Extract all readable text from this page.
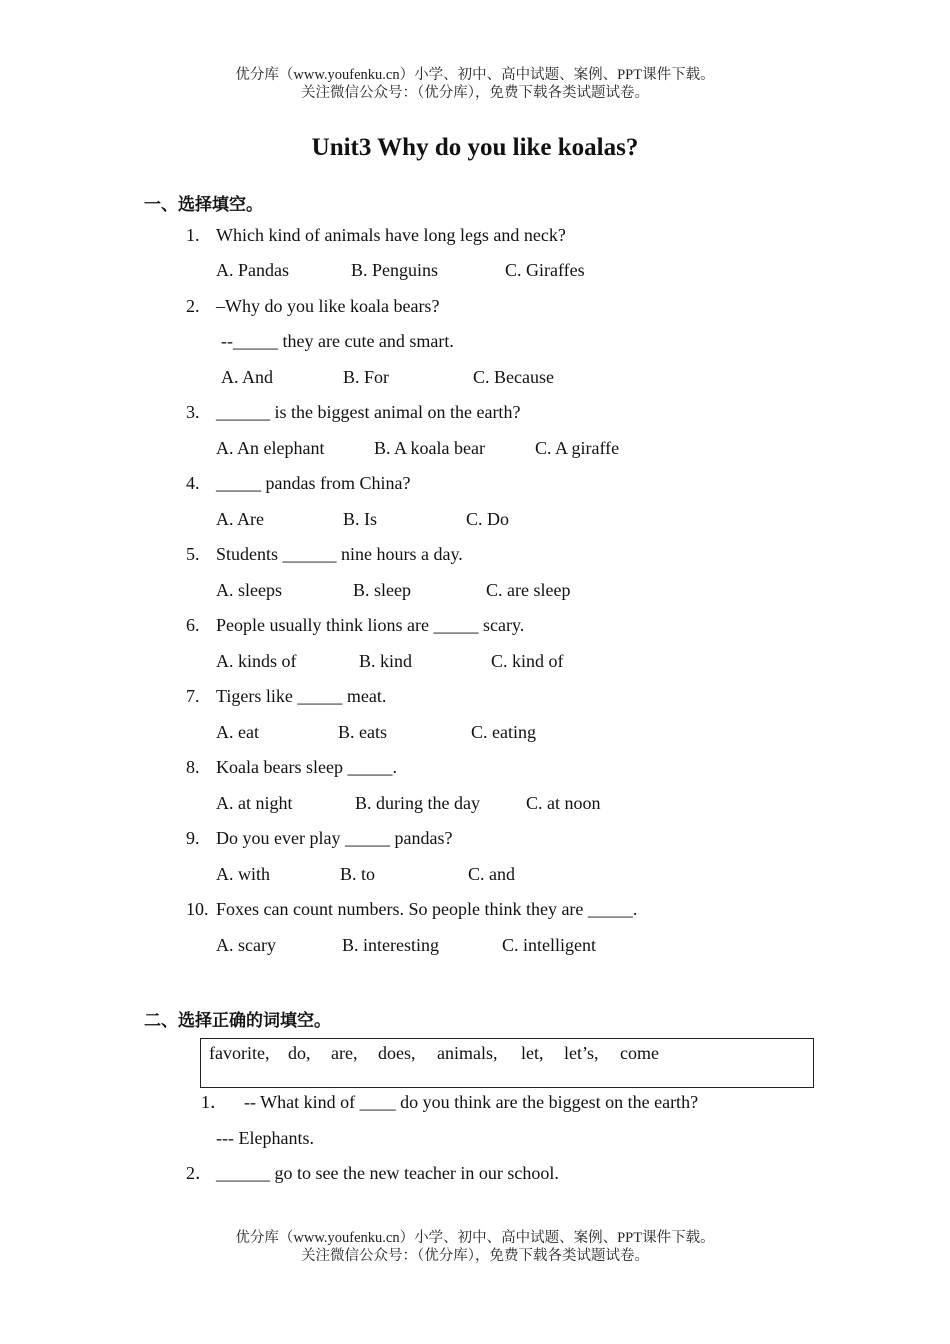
优分库（www.youfenku.cn）小学、初中、高中试题、案例、PPT课件下载。
关注微信公众号：（优分库），免费下载各类试题试卷。
Unit3 Why do you like koalas?
一、选择填空。
1. Which kind of animals have long legs and neck?
A. Pandas	B. Penguins	C. Giraffes
2. –Why do you like koala bears?
--_____ they are cute and smart.
A. And	B. For	C. Because
3. ______ is the biggest animal on the earth?
A. An elephant	B. A koala bear	C. A giraffe
4. _____ pandas from China?
A. Are	B. Is	C. Do
5. Students ______ nine hours a day.
A. sleeps	B. sleep	C. are sleep
6. People usually think lions are _____ scary.
A. kinds of	B. kind	C. kind of
7. Tigers like _____ meat.
A. eat	B. eats	C. eating
8. Koala bears sleep _____.
A. at night	B. during the day	C. at noon
9. Do you ever play _____ pandas?
A. with	B. to	C. and
10. Foxes can count numbers. So people think they are _____.
A. scary	B. interesting	C. intelligent
二、选择正确的词填空。
favorite, do, are, does, animals, let, let’s, come
1． -- What kind of ____ do you think are the biggest on the earth?
--- Elephants.
2． ______ go to see the new teacher in our school.
优分库（www.youfenku.cn）小学、初中、高中试题、案例、PPT课件下载。
关注微信公众号：（优分库），免费下载各类试题试卷。
